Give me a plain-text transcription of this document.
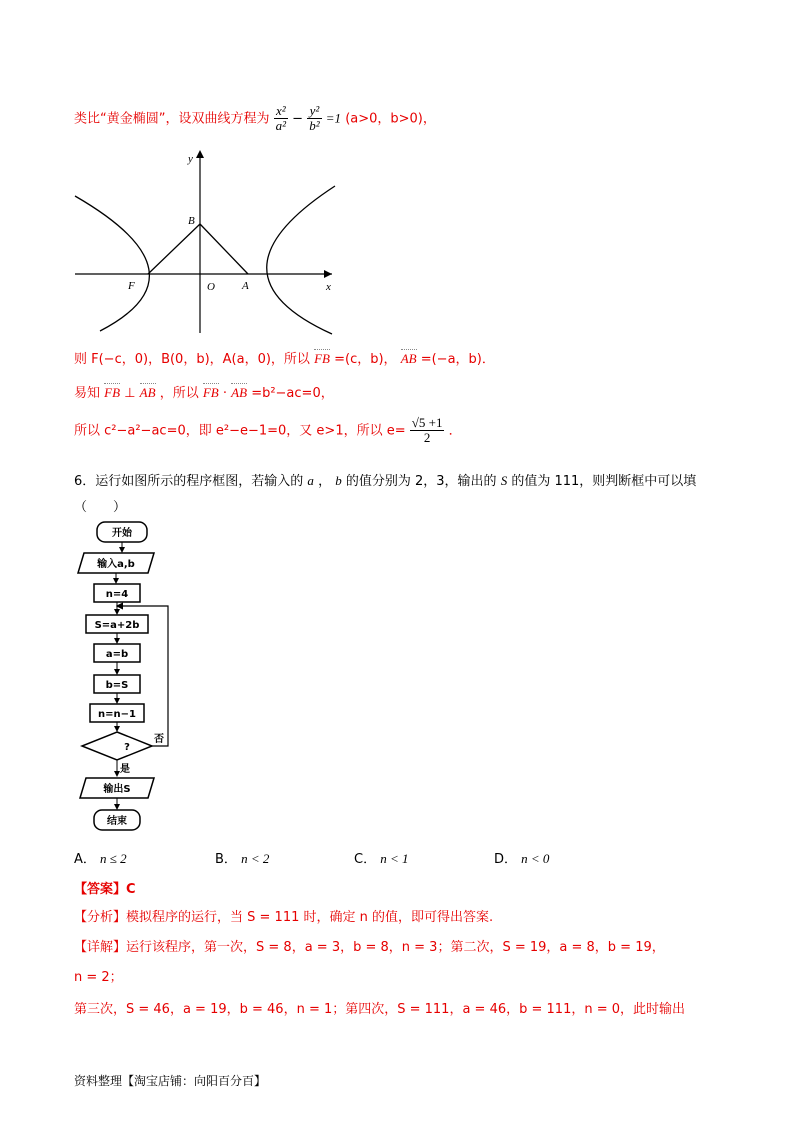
类比“黄金椭圆”，设双曲线方程为 $\frac{\text{x²}}{\text{a²}} - \frac{\text{y²}}{\text{b²}} =1$ (a>0，b>0)，
y
x
B
O A
F
则 F(−c，0)，B(0，b)，A(a，0)，所以 FB =(c，b)， AB =(−a，b)．
易知 FB ⊥ AB ，所以 FB · AB =b²−ac=0，
所以 c²−a²−ac=0，即 e²−e−1=0，又 e>1，所以 $e= \frac{√5 +1}{2}$ ．
6．运行如图所示的程序框图，若输入的 a ， b 的值分别为 2，3，输出的 S 的值为 111，则判断框中可以填
（　　）
开始
输入a,b
n=4
S=a+2b
a=b
b=S
n=n−1
?
否
是
输出S
结束
A． n ≤ 2	B． n < 2	C． n < 1	D． n < 0
【答案】C
【分析】模拟程序的运行，当 S = 111 时，确定 n 的值，即可得出答案.
【详解】运行该程序，第一次，S = 8，a = 3，b = 8，n = 3；第二次，S = 19，a = 8，b = 19，
n = 2；
第三次，S = 46，a = 19，b = 46，n = 1；第四次，S = 111，a = 46，b = 111，n = 0，此时输出
资料整理【淘宝店铺：向阳百分百】
